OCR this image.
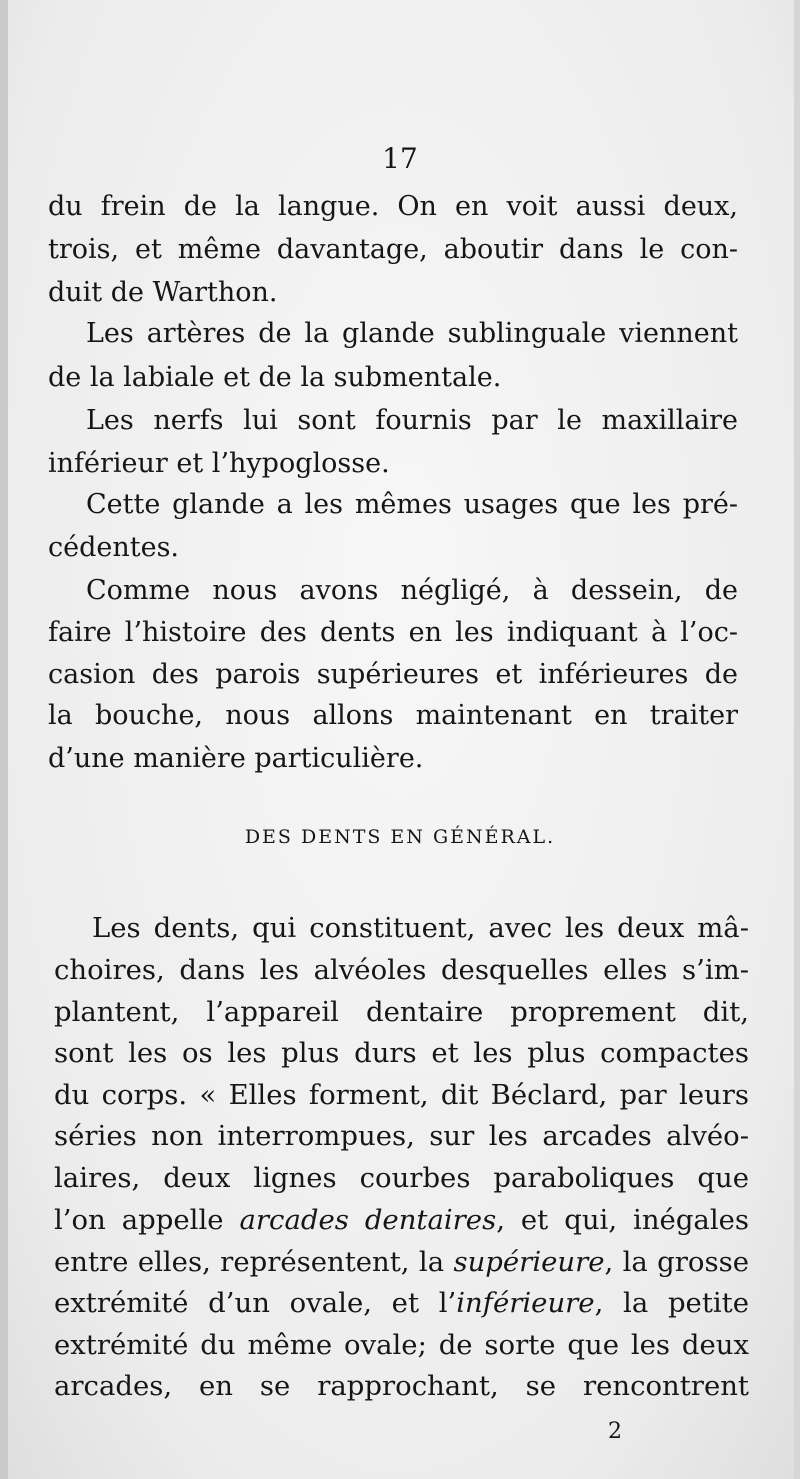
17
du frein de la langue. On en voit aussi deux,
trois, et même davantage, aboutir dans le con-
duit de Warthon.
Les artères de la glande sublinguale viennent
de la labiale et de la submentale.
Les nerfs lui sont fournis par le maxillaire
inférieur et l’hypoglosse.
Cette glande a les mêmes usages que les pré-
cédentes.
Comme nous avons négligé, à dessein, de
faire l’histoire des dents en les indiquant à l’oc-
casion des parois supérieures et inférieures de
la bouche, nous allons maintenant en traiter
d’une manière particulière.
DES DENTS EN GÉNÉRAL.
Les dents, qui constituent, avec les deux mâ-
choires, dans les alvéoles desquelles elles s’im-
plantent, l’appareil dentaire proprement dit,
sont les os les plus durs et les plus compactes
du corps. « Elles forment, dit Béclard, par leurs
séries non interrompues, sur les arcades alvéo-
laires, deux lignes courbes paraboliques que
l’on appelle arcades dentaires, et qui, inégales
entre elles, représentent, la supérieure, la grosse
extrémité d’un ovale, et l’inférieure, la petite
extrémité du même ovale; de sorte que les deux
arcades, en se rapprochant, se rencontrent
2
